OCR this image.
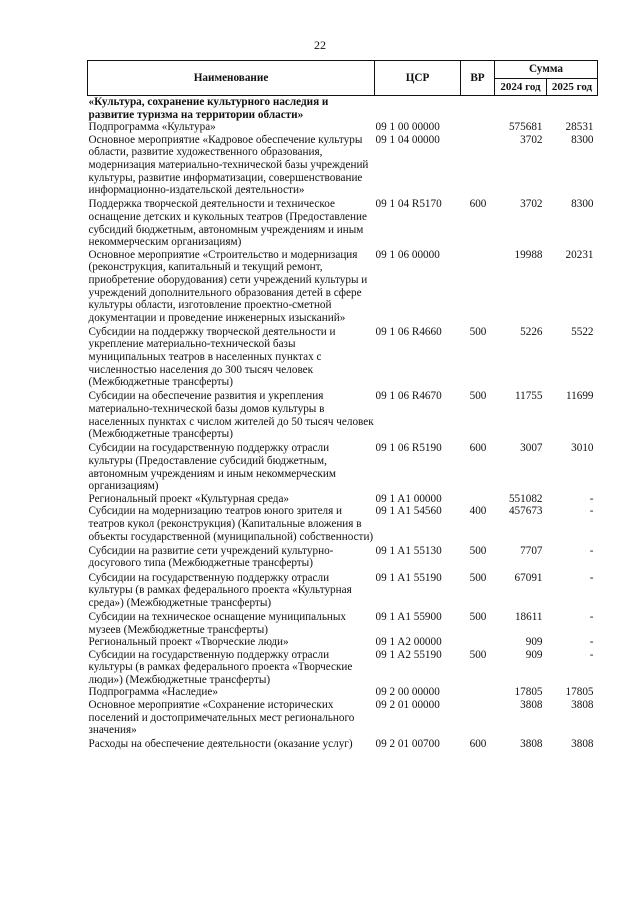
22
Наименование	ЦСР	ВР	Сумма	
			2024 год	2025 год
«Культура, сохранение культурного наследия и развитие туризма на территории области»				
Подпрограмма «Культура»	09 1 00 00000		575681	28531
Основное мероприятие «Кадровое обеспечение культуры области, развитие художественного образования, модернизация материально-технической базы учреждений культуры, развитие информатизации, совершенствование информационно-издательской деятельности»	09 1 04 00000		3702	8300
Поддержка творческой деятельности и техническое оснащение детских и кукольных театров (Предоставление субсидий бюджетным, автономным учреждениям и иным некоммерческим организациям)	09 1 04 R5170	600	3702	8300
Основное мероприятие «Строительство и модернизация (реконструкция, капитальный и текущий ремонт, приобретение оборудования) сети учреждений культуры и учреждений дополнительного образования детей в сфере культуры области, изготовление проектно-сметной документации и проведение инженерных изысканий»	09 1 06 00000		19988	20231
Субсидии на поддержку творческой деятельности и укрепление материально-технической базы муниципальных театров в населенных пунктах с численностью населения до 300 тысяч человек (Межбюджетные трансферты)	09 1 06 R4660	500	5226	5522
Субсидии на обеспечение развития и укрепления материально-технической базы домов культуры в населенных пунктах с числом жителей до 50 тысяч человек (Межбюджетные трансферты)	09 1 06 R4670	500	11755	11699
Субсидии на государственную поддержку отрасли культуры (Предоставление субсидий бюджетным, автономным учреждениям и иным некоммерческим организациям)	09 1 06 R5190	600	3007	3010
Региональный проект «Культурная среда»	09 1 A1 00000		551082	-
Субсидии на модернизацию театров юного зрителя и театров кукол (реконструкция) (Капитальные вложения в объекты государственной (муниципальной) собственности)	09 1 A1 54560	400	457673	-
Субсидии на развитие сети учреждений культурно-досугового типа (Межбюджетные трансферты)	09 1 A1 55130	500	7707	-
Субсидии на государственную поддержку отрасли культуры (в рамках федерального проекта «Культурная среда») (Межбюджетные трансферты)	09 1 A1 55190	500	67091	-
Субсидии на техническое оснащение муниципальных музеев (Межбюджетные трансферты)	09 1 A1 55900	500	18611	-
Региональный проект «Творческие люди»	09 1 A2 00000		909	-
Субсидии на государственную поддержку отрасли культуры (в рамках федерального проекта «Творческие люди») (Межбюджетные трансферты)	09 1 A2 55190	500	909	-
Подпрограмма «Наследие»	09 2 00 00000		17805	17805
Основное мероприятие «Сохранение исторических поселений и достопримечательных мест регионального значения»	09 2 01 00000		3808	3808
Расходы на обеспечение деятельности (оказание услуг)	09 2 01 00700	600	3808	3808
